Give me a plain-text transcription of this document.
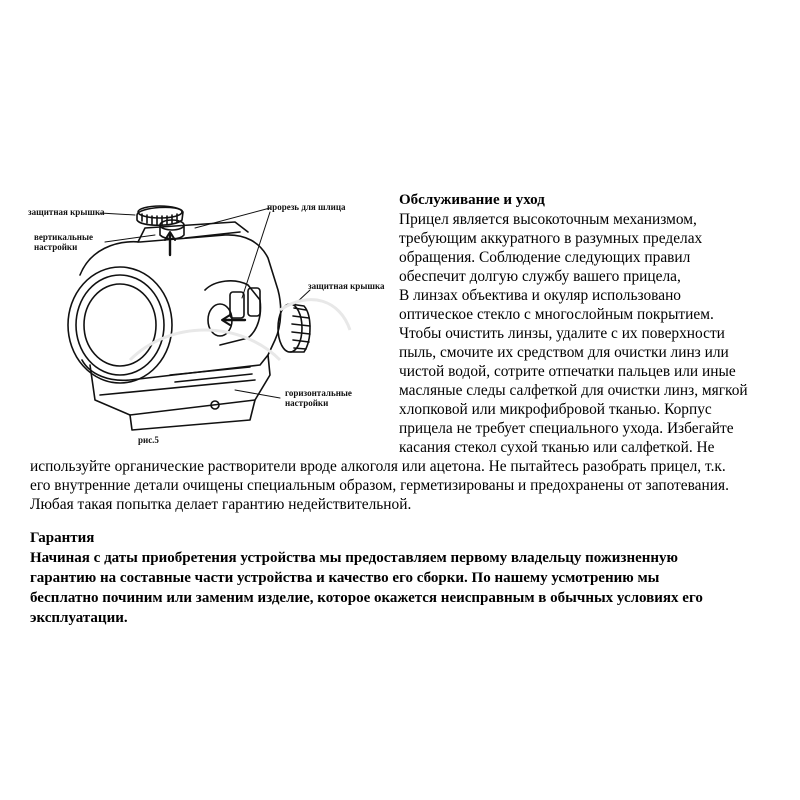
защитная крышка
вертикальные
настройки
прорезь для шлица
защитная крышка
горизонтальные
настройки
рис.5
Обслуживание и уход
Прицел является высокоточным механизмом,
требующим аккуратного в разумных пределах
обращения. Соблюдение следующих правил
обеспечит долгую службу вашего прицела,
В линзах объектива и окуляр использовано
оптическое стекло с многослойным покрытием.
Чтобы очистить линзы, удалите с их поверхности
пыль, смочите их средством для очистки линз или
чистой водой, сотрите отпечатки пальцев или иные
масляные следы салфеткой для очистки линз, мягкой
хлопковой или микрофибровой тканью. Корпус
прицела не требует специального ухода. Избегайте
касания стекол сухой тканью или салфеткой. Не
используйте органические растворители вроде алкоголя или ацетона. Не пытайтесь разобрать прицел, т.к.
его внутренние детали очищены специальным образом, герметизированы и предохранены от запотевания.
Любая такая попытка делает гарантию недействительной.
Гарантия
Начиная с даты приобретения устройства мы предоставляем первому владельцу пожизненную
гарантию на составные части устройства и качество его сборки. По нашему усмотрению мы
бесплатно починим или заменим изделие, которое окажется неисправным в обычных условиях его
эксплуатации.
